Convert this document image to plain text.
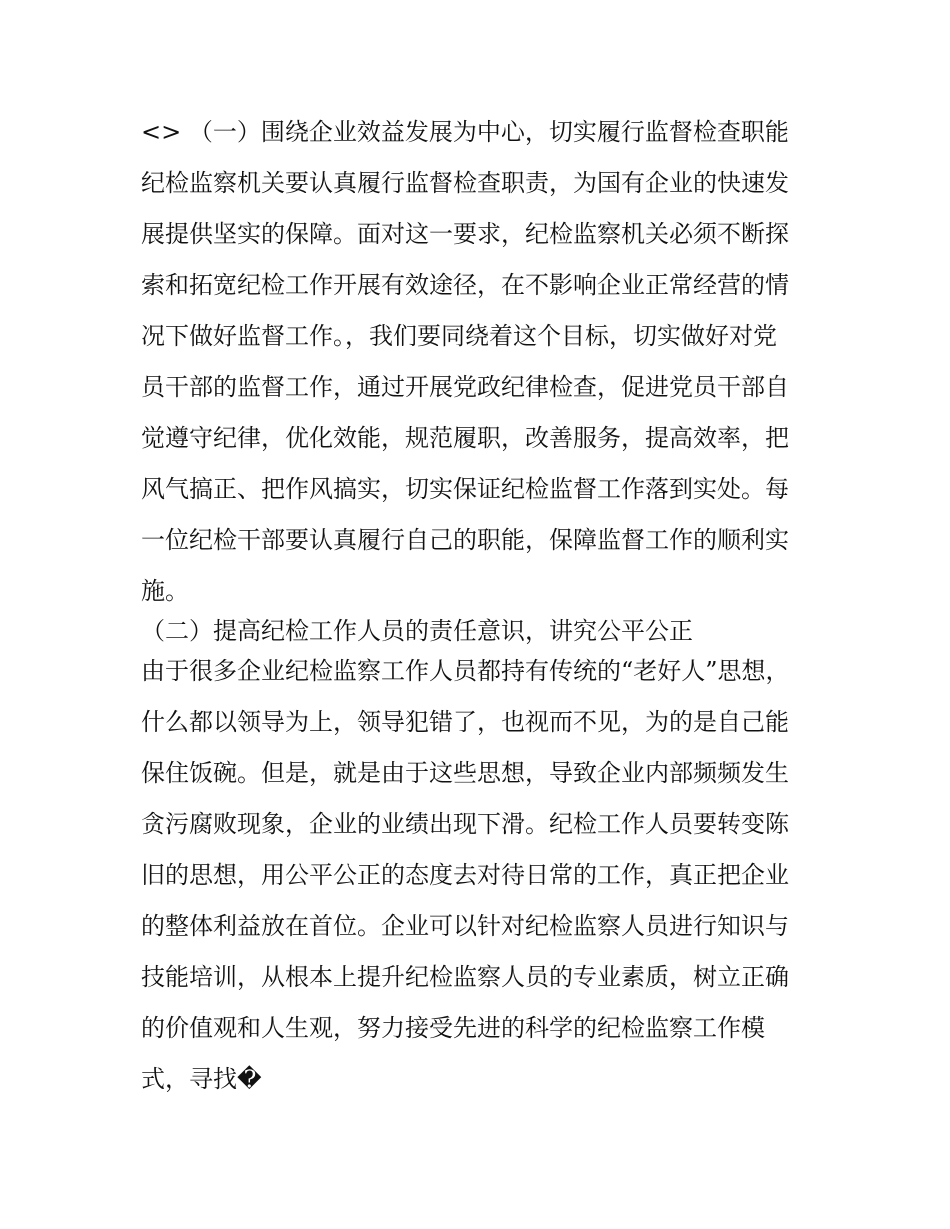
<> （一）围绕企业效益发展为中心，切实履行监督检查职能
纪检监察机关要认真履行监督检查职责，为国有企业的快速发
展提供坚实的保障。面对这一要求，纪检监察机关必须不断探
索和拓宽纪检工作开展有效途径，在不影响企业正常经营的情
况下做好监督工作。，我们要同绕着这个目标，切实做好对党
员干部的监督工作，通过开展党政纪律检查，促进党员干部自
觉遵守纪律，优化效能，规范履职，改善服务，提高效率，把
风气搞正、把作风搞实，切实保证纪检监督工作落到实处。每
一位纪检干部要认真履行自己的职能，保障监督工作的顺利实
施。
（二）提高纪检工作人员的责任意识，讲究公平公正
由于很多企业纪检监察工作人员都持有传统的“老好人”思想，
什么都以领导为上，领导犯错了，也视而不见，为的是自己能
保住饭碗。但是，就是由于这些思想，导致企业内部频频发生
贪污腐败现象，企业的业绩出现下滑。纪检工作人员要转变陈
旧的思想，用公平公正的态度去对待日常的工作，真正把企业
的整体利益放在首位。企业可以针对纪检监察人员进行知识与
技能培训，从根本上提升纪检监察人员的专业素质，树立正确
的价值观和人生观，努力接受先进的科学的纪检监察工作模
式，寻找�
